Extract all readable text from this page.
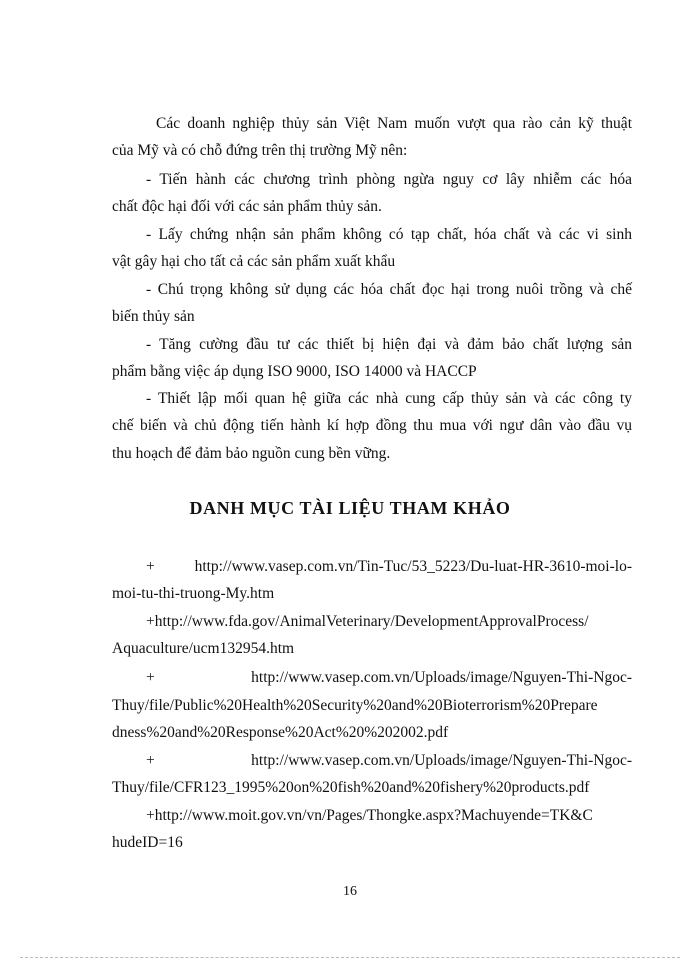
Các doanh nghiệp thủy sản Việt Nam muốn vượt qua rào cản kỹ thuật
của Mỹ và có chỗ đứng trên thị trường Mỹ nên:
- Tiến hành các chương trình phòng ngừa nguy cơ lây nhiễm các hóa
chất độc hại đối với các sản phẩm thủy sản.
- Lấy chứng nhận sản phẩm không có tạp chất, hóa chất và các vi sinh
vật gây hại cho tất cả các sản phẩm xuất khẩu
- Chú trọng không sử dụng các hóa chất đọc hại trong nuôi trồng và chế
biến thủy sản
- Tăng cường đầu tư các thiết bị hiện đại và đảm bảo chất lượng sản
phẩm bằng việc áp dụng ISO 9000, ISO 14000 và HACCP
- Thiết lập mối quan hệ giữa các nhà cung cấp thủy sản và các công ty
chế biến và chủ động tiến hành kí hợp đồng thu mua với ngư dân vào đầu vụ
thu hoạch để đảm bảo nguồn cung bền vững.
DANH MỤC TÀI LIỆU THAM KHẢO
+ http://www.vasep.com.vn/Tin-Tuc/53_5223/Du-luat-HR-3610-moi-lo-
moi-tu-thi-truong-My.htm
+http://www.fda.gov/AnimalVeterinary/DevelopmentApprovalProcess/
Aquaculture/ucm132954.htm
+                http://www.vasep.com.vn/Uploads/image/Nguyen-Thi-Ngoc-
Thuy/file/Public%20Health%20Security%20and%20Bioterrorism%20Prepare
dness%20and%20Response%20Act%20%202002.pdf
+                http://www.vasep.com.vn/Uploads/image/Nguyen-Thi-Ngoc-
Thuy/file/CFR123_1995%20on%20fish%20and%20fishery%20products.pdf
+http://www.moit.gov.vn/vn/Pages/Thongke.aspx?Machuyende=TK&C
hudeID=16
16
